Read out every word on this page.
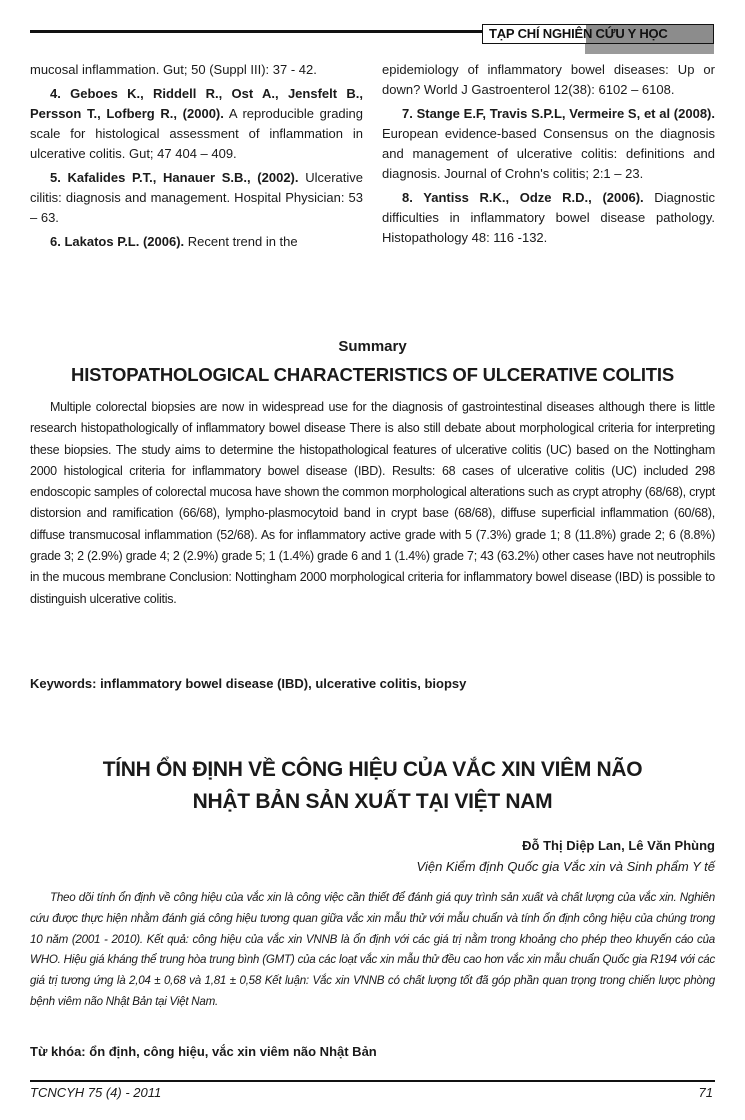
TẠP CHÍ NGHIÊN CỨU Y HỌC

mucosal inflammation. Gut; 50 (Suppl III): 37 - 42.

4. Geboes K., Riddell R., Ost A., Jensfelt B., Persson T., Lofberg R., (2000). A reproducible grading scale for histological assessment of inflammation in ulcerative colitis. Gut; 47 404 – 409.

5. Kafalides P.T., Hanauer S.B., (2002). Ulcerative cilitis: diagnosis and management. Hospital Physician: 53 – 63.

6. Lakatos P.L. (2006). Recent trend in the

epidemiology of inflammatory bowel diseases: Up or down? World J Gastroenterol 12(38): 6102 – 6108.

7. Stange E.F, Travis S.P.L, Vermeire S, et al (2008). European evidence-based Consensus on the diagnosis and management of ulcerative colitis: definitions and diagnosis. Journal of Crohn's colitis; 2:1 – 23.

8. Yantiss R.K., Odze R.D., (2006). Diagnostic difficulties in inflammatory bowel disease pathology. Histopathology 48: 116 -132.

Summary
HISTOPATHOLOGICAL CHARACTERISTICS OF ULCERATIVE COLITIS
Multiple colorectal biopsies are now in widespread use for the diagnosis of gastrointestinal diseases although there is little research histopathologically of inflammatory bowel disease There is also still debate about morphological criteria for interpreting these biopsies. The study aims to determine the histopathological features of ulcerative colitis (UC) based on the Nottingham 2000 histological criteria for inflammatory bowel disease (IBD). Results: 68 cases of ulcerative colitis (UC) included 298 endoscopic samples of colorectal mucosa have shown the common morphological alterations such as crypt atrophy (68/68), crypt distorsion and ramification (66/68), lympho-plasmocytoid band in crypt base (68/68), diffuse superficial inflammation (60/68), diffuse transmucosal inflammation (52/68). As for inflammatory active grade with 5 (7.3%) grade 1; 8 (11.8%) grade 2; 6 (8.8%) grade 3; 2 (2.9%) grade 4; 2 (2.9%) grade 5; 1 (1.4%) grade 6 and 1 (1.4%) grade 7; 43 (63.2%) other cases have not neutrophils in the mucous membrane Conclusion: Nottingham 2000 morphological criteria for inflammatory bowel disease (IBD) is possible to distinguish ulcerative colitis.
Keywords: inflammatory bowel disease (IBD), ulcerative colitis, biopsy
TÍNH ỔN ĐỊNH VỀ CÔNG HIỆU CỦA VẮC XIN VIÊM NÃO
NHẬT BẢN SẢN XUẤT TẠI VIỆT NAM
Đỗ Thị Diệp Lan, Lê Văn Phùng
Viện Kiểm định Quốc gia Vắc xin và Sinh phẩm Y tế
Theo dõi tính ổn định về công hiệu của vắc xin là công việc cần thiết để đánh giá quy trình sản xuất và chất lượng của vắc xin. Nghiên cứu được thực hiện nhằm đánh giá công hiệu tương quan giữa vắc xin mẫu thử với mẫu chuẩn và tính ổn định công hiệu của chúng trong 10 năm (2001 - 2010). Kết quả: công hiệu của vắc xin VNNB là ổn định với các giá trị nằm trong khoảng cho phép theo khuyến cáo của WHO. Hiệu giá kháng thể trung hòa trung bình (GMT) của các loạt vắc xin mẫu thử đều cao hơn vắc xin mẫu chuẩn Quốc gia R194 với các giá trị tương ứng là 2,04 ± 0,68 và 1,81 ± 0,58 Kết luận: Vắc xin VNNB có chất lượng tốt đã góp phần quan trọng trong chiến lược phòng bệnh viêm não Nhật Bản tại Việt Nam.
Từ khóa: ổn định, công hiệu, vắc xin viêm não Nhật Bản
TCNCYH 75 (4) - 2011	71
